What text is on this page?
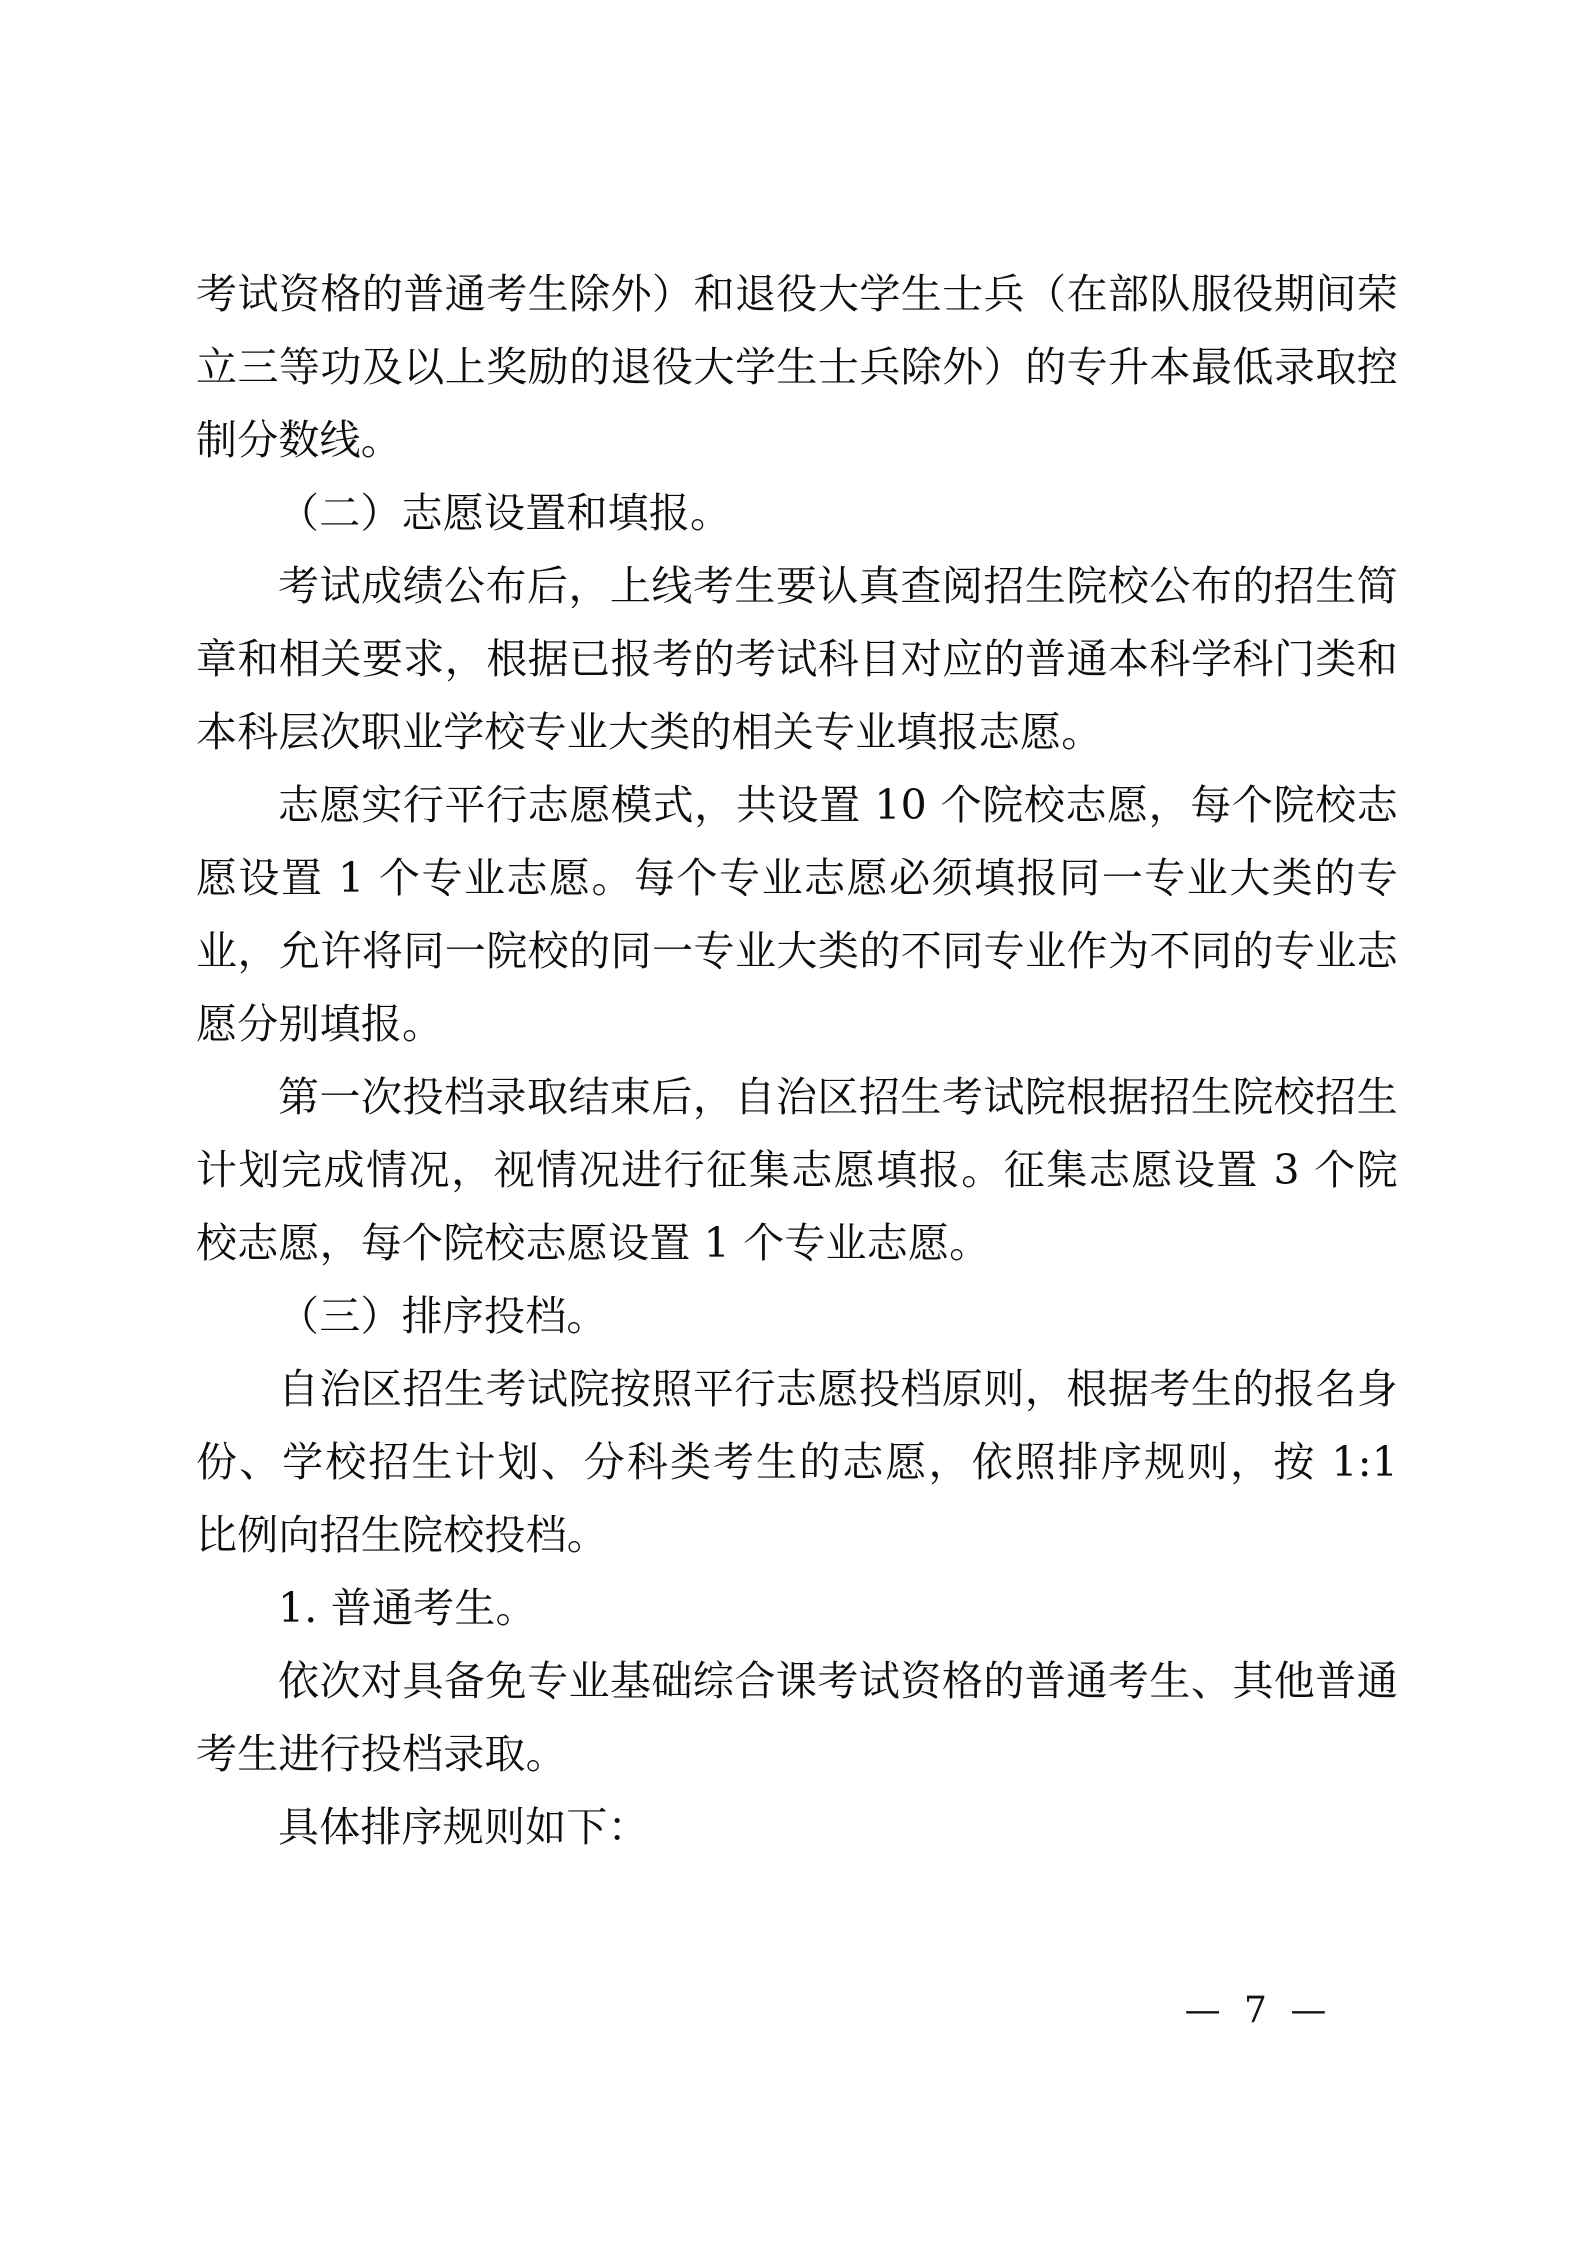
考试资格的普通考生除外）和退役大学生士兵（在部队服役期间荣立三等功及以上奖励的退役大学生士兵除外）的专升本最低录取控制分数线。

（二）志愿设置和填报。

考试成绩公布后，上线考生要认真查阅招生院校公布的招生简章和相关要求，根据已报考的考试科目对应的普通本科学科门类和本科层次职业学校专业大类的相关专业填报志愿。

志愿实行平行志愿模式，共设置 10 个院校志愿，每个院校志愿设置 1 个专业志愿。每个专业志愿必须填报同一专业大类的专业，允许将同一院校的同一专业大类的不同专业作为不同的专业志愿分别填报。

第一次投档录取结束后，自治区招生考试院根据招生院校招生计划完成情况，视情况进行征集志愿填报。征集志愿设置 3 个院校志愿，每个院校志愿设置 1 个专业志愿。

（三）排序投档。

自治区招生考试院按照平行志愿投档原则，根据考生的报名身份、学校招生计划、分科类考生的志愿，依照排序规则，按 1:1 比例向招生院校投档。

1. 普通考生。

依次对具备免专业基础综合课考试资格的普通考生、其他普通考生进行投档录取。

具体排序规则如下：

— 7 —
